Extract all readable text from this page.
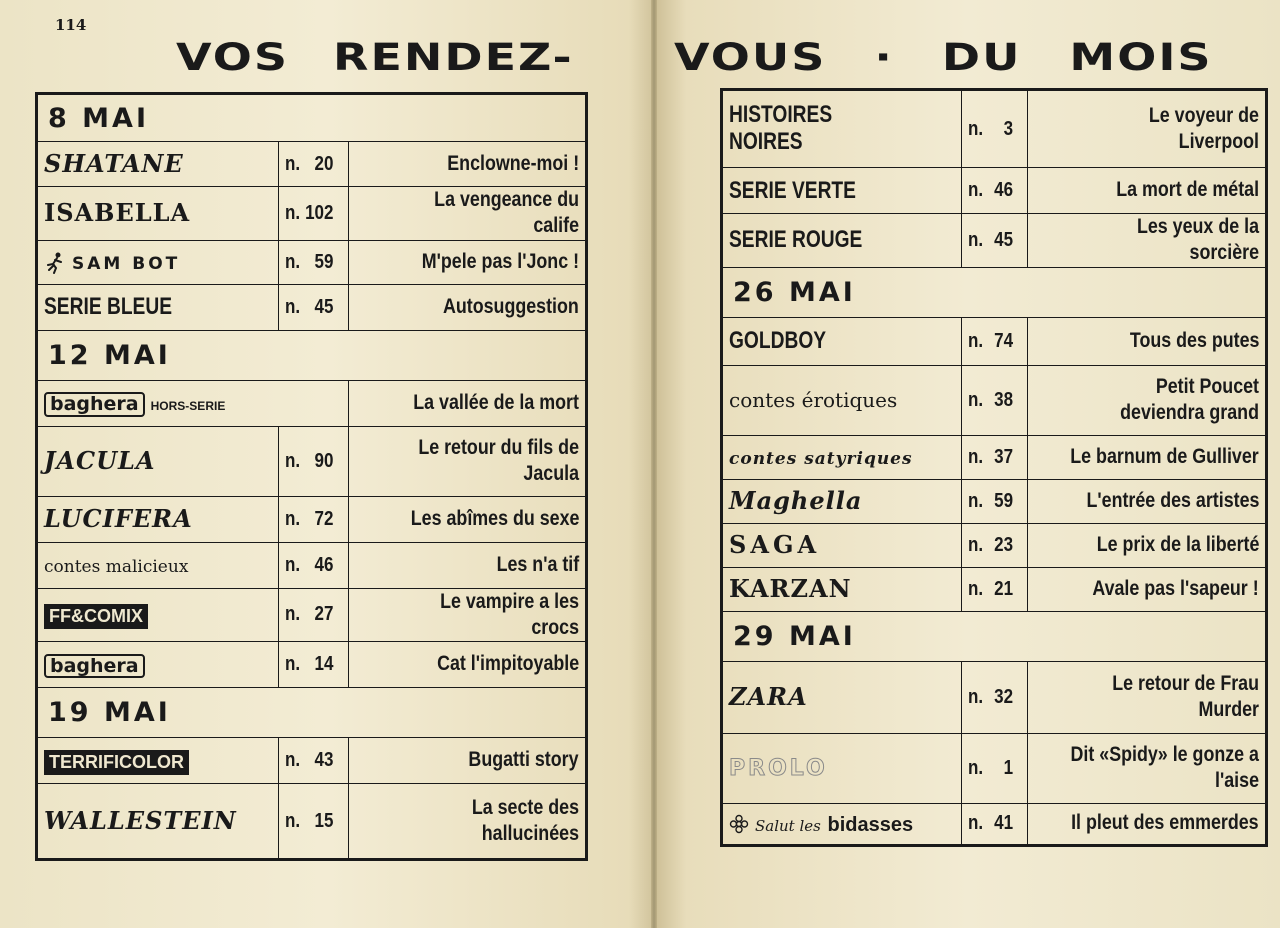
114
VOS RENDEZ- VOUS · DU MOIS
8 MAI		
SHATANE	n. 20	Enclowne-moi !
ISABELLA	n. 102	La vengeance du calife
SAM BOT	n. 59	M'pele pas l'Jonc !
SERIE BLEUE	n. 45	Autosuggestion
12 MAI		
baghera HORS-SERIE		La vallée de la mort
JACULA	n. 90	Le retour du fils de Jacula
LUCIFERA	n. 72	Les abîmes du sexe
contes malicieux	n. 46	Les n'a tif
FF&COMIX	n. 27	Le vampire a les crocs
baghera	n. 14	Cat l'impitoyable
19 MAI		
TERRIFICOLOR	n. 43	Bugatti story
WALLESTEIN	n. 15	La secte des hallucinées
HISTOIRES NOIRES	n. 3	Le voyeur de Liverpool
SERIE VERTE	n. 46	La mort de métal
SERIE ROUGE	n. 45	Les yeux de la sorcière
26 MAI		
GOLDBOY	n. 74	Tous des putes
contes érotiques	n. 38	Petit Poucet deviendra grand
contes satyriques	n. 37	Le barnum de Gulliver
Maghella	n. 59	L'entrée des artistes
SAGA	n. 23	Le prix de la liberté
KARZAN	n. 21	Avale pas l'sapeur !
29 MAI		
ZARA	n. 32	Le retour de Frau Murder
PROLO	n. 1	Dit «Spidy» le gonze a l'aise
Salut les bidasses	n. 41	Il pleut des emmerdes
